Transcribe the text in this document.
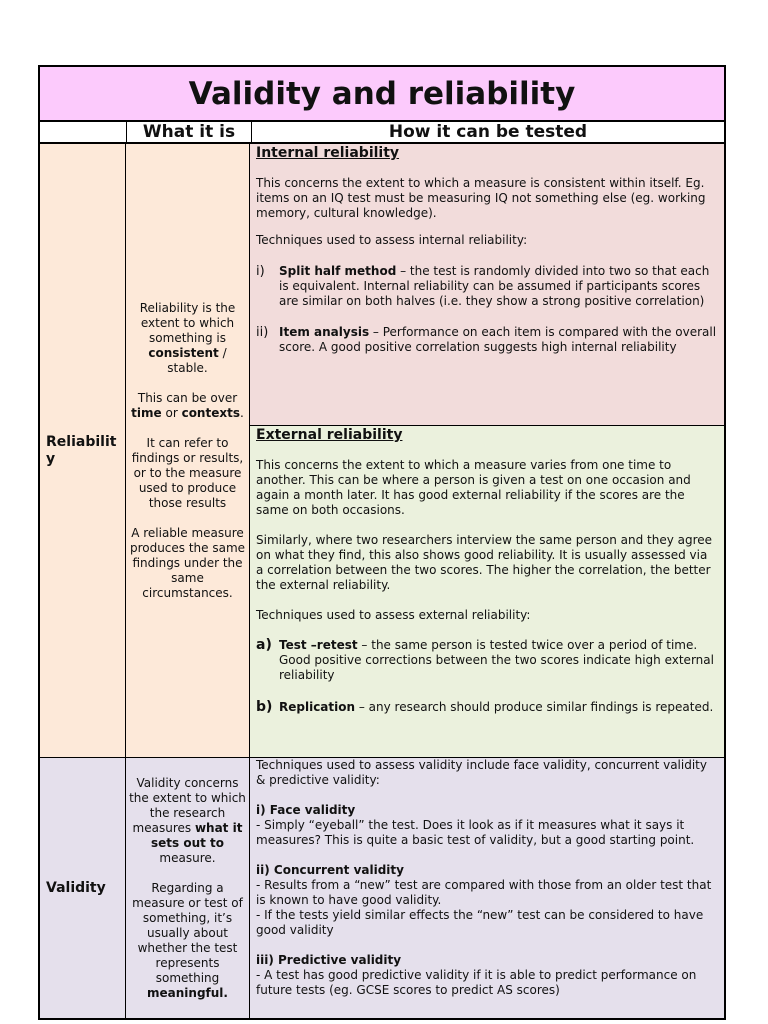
Validity and reliability
What it is	How it can be tested
Reliability

Reliability is the extent to which something is consistent / stable.

This can be over time or contexts.

It can refer to findings or results, or to the measure used to produce those results

A reliable measure produces the same findings under the same circumstances.

Internal reliability

This concerns the extent to which a measure is consistent within itself. Eg. items on an IQ test must be measuring IQ not something else (eg. working memory, cultural knowledge).

Techniques used to assess internal reliability:

i)	Split half method – the test is randomly divided into two so that each is equivalent. Internal reliability can be assumed if participants scores are similar on both halves (i.e. they show a strong positive correlation)
ii) Item analysis – Performance on each item is compared with the overall score. A good positive correlation suggests high internal reliability
External reliability

This concerns the extent to which a measure varies from one time to another. This can be where a person is given a test on one occasion and again a month later. It has good external reliability if the scores are the same on both occasions.

Similarly, where two researchers interview the same person and they agree on what they find, this also shows good reliability. It is usually assessed via a correlation between the two scores. The higher the correlation, the better the external reliability.

Techniques used to assess external reliability:

a) Test –retest – the same person is tested twice over a period of time. Good positive corrections between the two scores indicate high external reliability
b) Replication – any research should produce similar findings is repeated.
Validity

Validity concerns the extent to which the research measures what it sets out to measure.

Regarding a measure or test of something, it’s usually about whether the test represents something meaningful.

Techniques used to assess validity include face validity, concurrent validity & predictive validity:

i) Face validity
- Simply “eyeball” the test. Does it look as if it measures what it says it measures? This is quite a basic test of validity, but a good starting point.

ii) Concurrent validity
- Results from a “new” test are compared with those from an older test that is known to have good validity.
- If the tests yield similar effects the “new” test can be considered to have good validity

iii) Predictive validity
- A test has good predictive validity if it is able to predict performance on future tests (eg. GCSE scores to predict AS scores)
